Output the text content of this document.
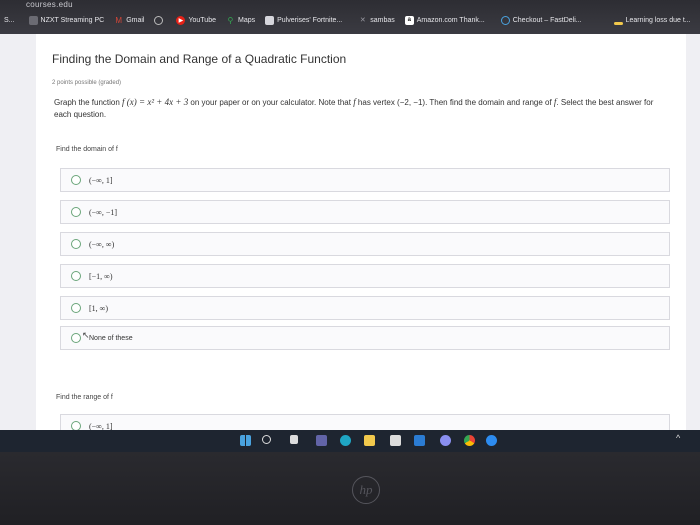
courses.edu
S...	NZXT Streaming PC M Gmail	▶ YouTube ⚲ Maps	Pulverises' Fortnite...	✕ sambas	a Amazon.com Thank...	Checkout – FastDeli...	Learning loss due t...
Finding the Domain and Range of a Quadratic Function
2 points possible (graded)
Graph the function f (x) = x² + 4x + 3 on your paper or on your calculator. Note that f has vertex (−2, −1). Then find the domain and range of f. Select the best answer for each question.
Find the domain of f
(−∞, 1]
(−∞, −1]
(−∞, ∞)
[−1, ∞)
[1, ∞)
None of these
Find the range of f
(−∞, 1]
↖
^
hp
